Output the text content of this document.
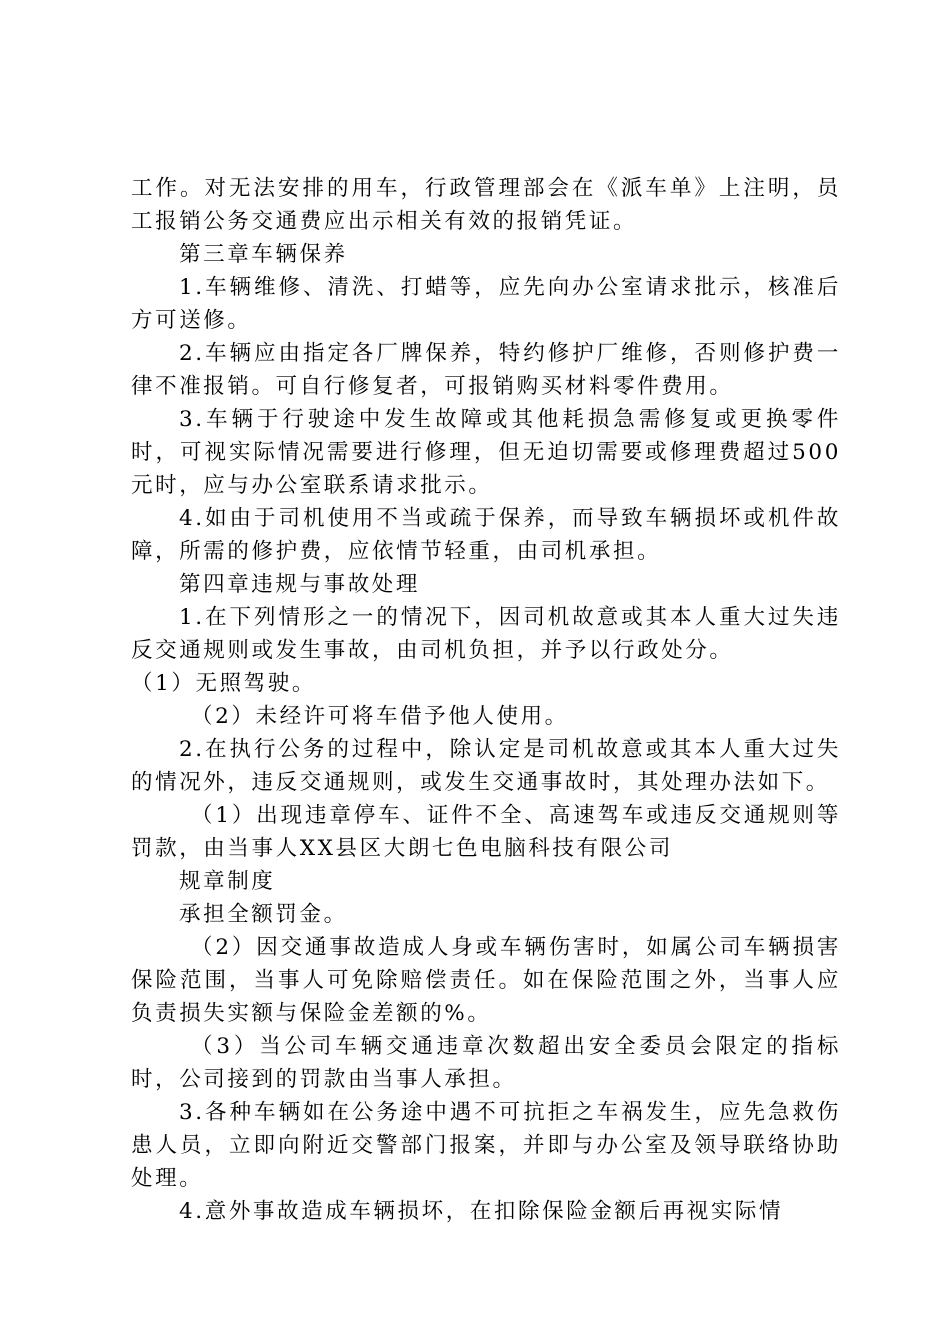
工作。对无法安排的用车，行政管理部会在《派车单》上注明，员工报销公务交通费应出示相关有效的报销凭证。

第三章车辆保养

1.车辆维修、清洗、打蜡等，应先向办公室请求批示，核准后方可送修。

2.车辆应由指定各厂牌保养，特约修护厂维修，否则修护费一律不准报销。可自行修复者，可报销购买材料零件费用。

3.车辆于行驶途中发生故障或其他耗损急需修复或更换零件时，可视实际情况需要进行修理，但无迫切需要或修理费超过500元时，应与办公室联系请求批示。

4.如由于司机使用不当或疏于保养，而导致车辆损坏或机件故障，所需的修护费，应依情节轻重，由司机承担。

第四章违规与事故处理

1.在下列情形之一的情况下，因司机故意或其本人重大过失违反交通规则或发生事故，由司机负担，并予以行政处分。

（1）无照驾驶。

（2）未经许可将车借予他人使用。

2.在执行公务的过程中，除认定是司机故意或其本人重大过失的情况外，违反交通规则，或发生交通事故时，其处理办法如下。

（1）出现违章停车、证件不全、高速驾车或违反交通规则等罚款，由当事人XX县区大朗七色电脑科技有限公司

规章制度

承担全额罚金。

（2）因交通事故造成人身或车辆伤害时，如属公司车辆损害保险范围，当事人可免除赔偿责任。如在保险范围之外，当事人应负责损失实额与保险金差额的%。

（3）当公司车辆交通违章次数超出安全委员会限定的指标时，公司接到的罚款由当事人承担。

3.各种车辆如在公务途中遇不可抗拒之车祸发生，应先急救伤患人员，立即向附近交警部门报案，并即与办公室及领导联络协助处理。

4.意外事故造成车辆损坏，在扣除保险金额后再视实际情
